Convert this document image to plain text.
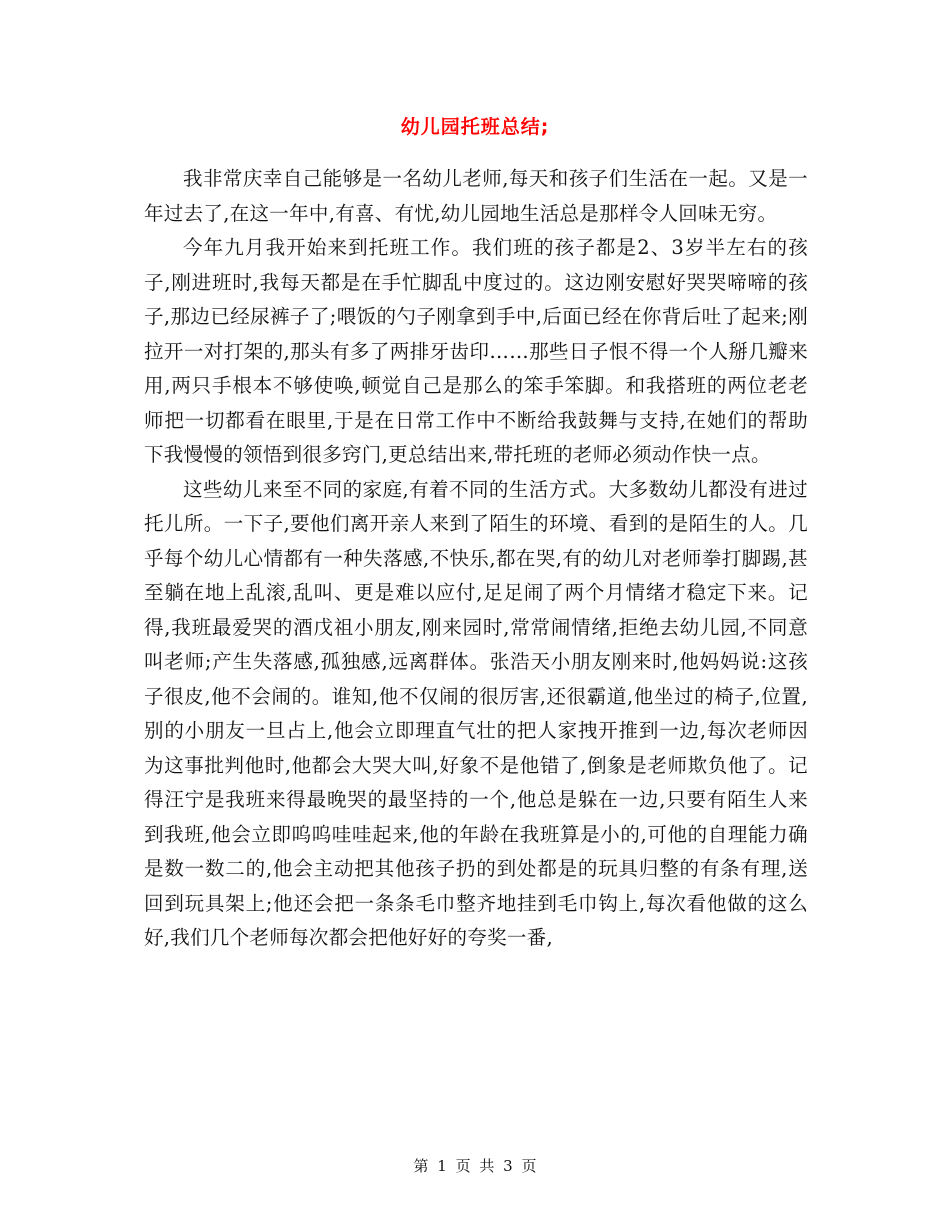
幼儿园托班总结;

我非常庆幸自己能够是一名幼儿老师,每天和孩子们生活在一起。又是一年过去了,在这一年中,有喜、有忧,幼儿园地生活总是那样令人回味无穷。

今年九月我开始来到托班工作。我们班的孩子都是2、3岁半左右的孩子,刚进班时,我每天都是在手忙脚乱中度过的。这边刚安慰好哭哭啼啼的孩子,那边已经尿裤子了;喂饭的勺子刚拿到手中,后面已经在你背后吐了起来;刚拉开一对打架的,那头有多了两排牙齿印……那些日子恨不得一个人掰几瓣来用,两只手根本不够使唤,顿觉自己是那么的笨手笨脚。和我搭班的两位老老师把一切都看在眼里,于是在日常工作中不断给我鼓舞与支持,在她们的帮助下我慢慢的领悟到很多窍门,更总结出来,带托班的老师必须动作快一点。

这些幼儿来至不同的家庭,有着不同的生活方式。大多数幼儿都没有进过托儿所。一下子,要他们离开亲人来到了陌生的环境、看到的是陌生的人。几乎每个幼儿心情都有一种失落感,不快乐,都在哭,有的幼儿对老师拳打脚踢,甚至躺在地上乱滚,乱叫、更是难以应付,足足闹了两个月情绪才稳定下来。记得,我班最爱哭的酒戊祖小朋友,刚来园时,常常闹情绪,拒绝去幼儿园,不同意叫老师;产生失落感,孤独感,远离群体。张浩天小朋友刚来时,他妈妈说:这孩子很皮,他不会闹的。谁知,他不仅闹的很厉害,还很霸道,他坐过的椅子,位置,别的小朋友一旦占上,他会立即理直气壮的把人家拽开推到一边,每次老师因为这事批判他时,他都会大哭大叫,好象不是他错了,倒象是老师欺负他了。记得汪宁是我班来得最晚哭的最坚持的一个,他总是躲在一边,只要有陌生人来到我班,他会立即呜呜哇哇起来,他的年龄在我班算是小的,可他的自理能力确是数一数二的,他会主动把其他孩子扔的到处都是的玩具归整的有条有理,送回到玩具架上;他还会把一条条毛巾整齐地挂到毛巾钩上,每次看他做的这么好,我们几个老师每次都会把他好好的夸奖一番,

第 1 页 共 3 页
